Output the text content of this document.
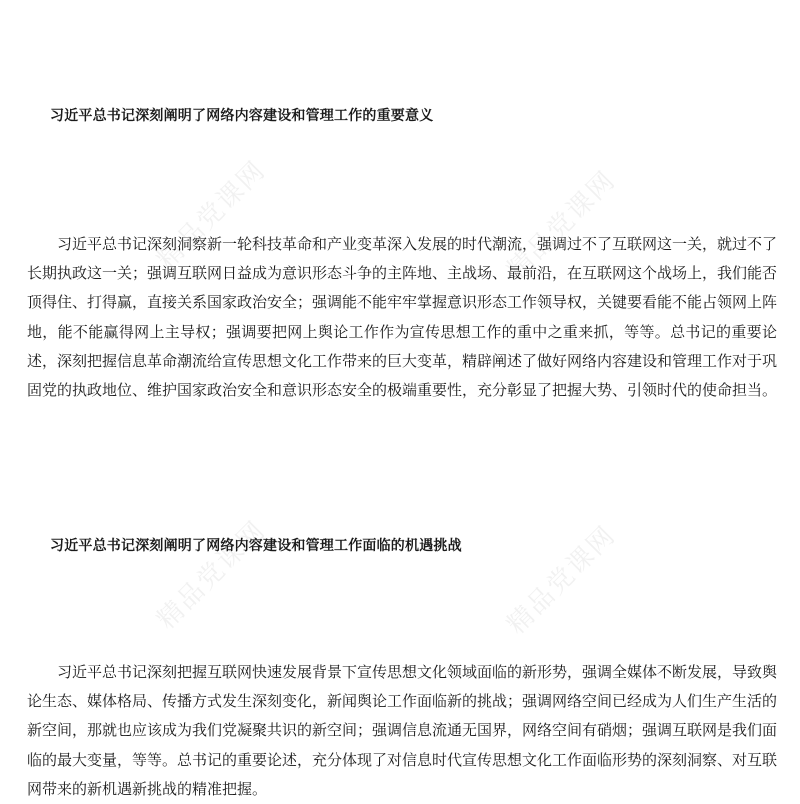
精品党课网	精品党课网
精品党课网	精品党课网
习近平总书记深刻阐明了网络内容建设和管理工作的重要意义

习近平总书记深刻洞察新一轮科技革命和产业变革深入发展的时代潮流，强调过不了互联网这一关，就过不了长期执政这一关；强调互联网日益成为意识形态斗争的主阵地、主战场、最前沿，在互联网这个战场上，我们能否顶得住、打得赢，直接关系国家政治安全；强调能不能牢牢掌握意识形态工作领导权，关键要看能不能占领网上阵地，能不能赢得网上主导权；强调要把网上舆论工作作为宣传思想工作的重中之重来抓，等等。总书记的重要论述，深刻把握信息革命潮流给宣传思想文化工作带来的巨大变革，精辟阐述了做好网络内容建设和管理工作对于巩固党的执政地位、维护国家政治安全和意识形态安全的极端重要性，充分彰显了把握大势、引领时代的使命担当。

习近平总书记深刻阐明了网络内容建设和管理工作面临的机遇挑战

习近平总书记深刻把握互联网快速发展背景下宣传思想文化领域面临的新形势，强调全媒体不断发展，导致舆论生态、媒体格局、传播方式发生深刻变化，新闻舆论工作面临新的挑战；强调网络空间已经成为人们生产生活的新空间，那就也应该成为我们党凝聚共识的新空间；强调信息流通无国界，网络空间有硝烟；强调互联网是我们面临的最大变量，等等。总书记的重要论述，充分体现了对信息时代宣传思想文化工作面临形势的深刻洞察、对互联网带来的新机遇新挑战的精准把握。
